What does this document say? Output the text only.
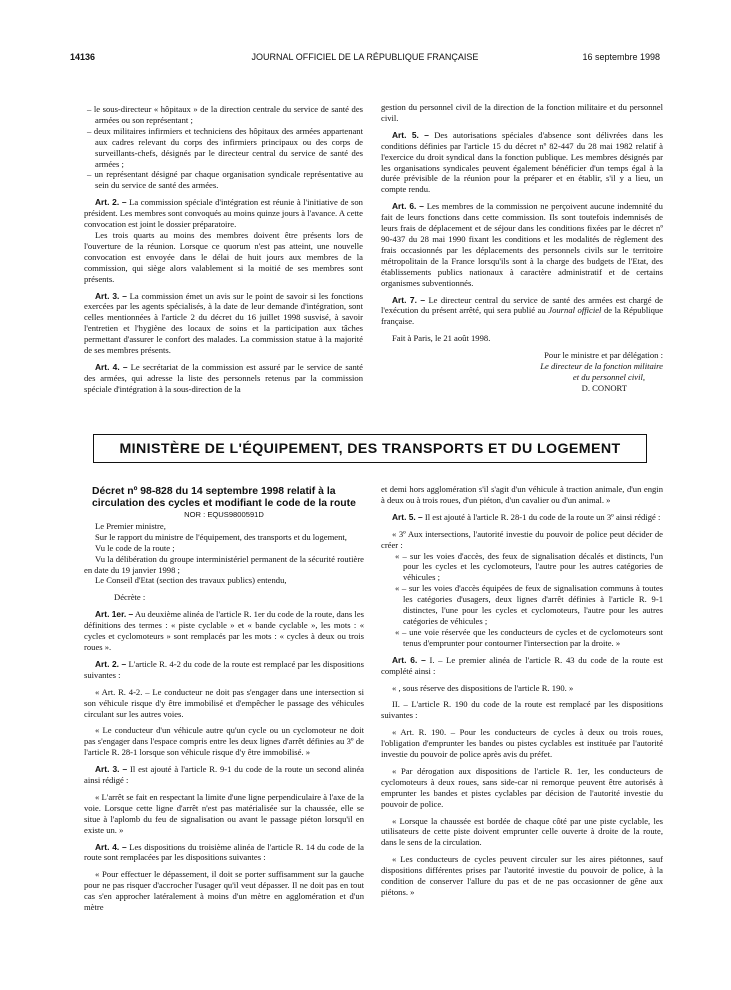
14136	JOURNAL OFFICIEL DE LA RÉPUBLIQUE FRANÇAISE	16 septembre 1998

– le sous-directeur « hôpitaux » de la direction centrale du service de santé des armées ou son représentant ;

– deux militaires infirmiers et techniciens des hôpitaux des armées appartenant aux cadres relevant du corps des infirmiers principaux ou des corps de surveillants-chefs, désignés par le directeur central du service de santé des armées ;

– un représentant désigné par chaque organisation syndicale représentative au sein du service de santé des armées.

Art. 2. – La commission spéciale d'intégration est réunie à l'initiative de son président. Les membres sont convoqués au moins quinze jours à l'avance. A cette convocation est joint le dossier préparatoire.

Les trois quarts au moins des membres doivent être présents lors de l'ouverture de la réunion. Lorsque ce quorum n'est pas atteint, une nouvelle convocation est envoyée dans le délai de huit jours aux membres de la commission, qui siège alors valablement si la moitié de ses membres sont présents.

Art. 3. – La commission émet un avis sur le point de savoir si les fonctions exercées par les agents spécialisés, à la date de leur demande d'intégration, sont celles mentionnées à l'article 2 du décret du 16 juillet 1998 susvisé, à savoir l'entretien et l'hygiène des locaux de soins et la participation aux tâches permettant d'assurer le confort des malades. La commission statue à la majorité de ses membres présents.

Art. 4. – Le secrétariat de la commission est assuré par le service de santé des armées, qui adresse la liste des personnels retenus par la commission spéciale d'intégration à la sous-direction de la

gestion du personnel civil de la direction de la fonction militaire et du personnel civil.

Art. 5. – Des autorisations spéciales d'absence sont délivrées dans les conditions définies par l'article 15 du décret nº 82-447 du 28 mai 1982 relatif à l'exercice du droit syndical dans la fonction publique. Les membres désignés par les organisations syndicales peuvent également bénéficier d'un temps égal à la durée prévisible de la réunion pour la préparer et en établir, s'il y a lieu, un compte rendu.

Art. 6. – Les membres de la commission ne perçoivent aucune indemnité du fait de leurs fonctions dans cette commission. Ils sont toutefois indemnisés de leurs frais de déplacement et de séjour dans les conditions fixées par le décret nº 90-437 du 28 mai 1990 fixant les conditions et les modalités de règlement des frais occasionnés par les déplacements des personnels civils sur le territoire métropolitain de la France lorsqu'ils sont à la charge des budgets de l'Etat, des établissements publics nationaux à caractère administratif et de certains organismes subventionnés.

Art. 7. – Le directeur central du service de santé des armées est chargé de l'exécution du présent arrêté, qui sera publié au Journal officiel de la République française.

Fait à Paris, le 21 août 1998.

Pour le ministre et par délégation :

Le directeur de la fonction militaire

et du personnel civil,

D. CONORT

MINISTÈRE DE L'ÉQUIPEMENT, DES TRANSPORTS ET DU LOGEMENT

Décret nº 98-828 du 14 septembre 1998 relatif à la circulation des cycles et modifiant le code de la route

NOR : EQUS9800591D

Le Premier ministre,

Sur le rapport du ministre de l'équipement, des transports et du logement,

Vu le code de la route ;

Vu la délibération du groupe interministériel permanent de la sécurité routière en date du 19 janvier 1998 ;

Le Conseil d'Etat (section des travaux publics) entendu,

Décrète :

Art. 1er. – Au deuxième alinéa de l'article R. 1er du code de la route, dans les définitions des termes : « piste cyclable » et « bande cyclable », les mots : « cycles et cyclomoteurs » sont remplacés par les mots : « cycles à deux ou trois roues ».

Art. 2. – L'article R. 4-2 du code de la route est remplacé par les dispositions suivantes :

« Art. R. 4-2. – Le conducteur ne doit pas s'engager dans une intersection si son véhicule risque d'y être immobilisé et d'empêcher le passage des véhicules circulant sur les autres voies.

« Le conducteur d'un véhicule autre qu'un cycle ou un cyclomoteur ne doit pas s'engager dans l'espace compris entre les deux lignes d'arrêt définies au 3º de l'article R. 28-1 lorsque son véhicule risque d'y être immobilisé. »

Art. 3. – Il est ajouté à l'article R. 9-1 du code de la route un second alinéa ainsi rédigé :

« L'arrêt se fait en respectant la limite d'une ligne perpendiculaire à l'axe de la voie. Lorsque cette ligne d'arrêt n'est pas matérialisée sur la chaussée, elle se situe à l'aplomb du feu de signalisation ou avant le passage piéton lorsqu'il en existe un. »

Art. 4. – Les dispositions du troisième alinéa de l'article R. 14 du code de la route sont remplacées par les dispositions suivantes :

« Pour effectuer le dépassement, il doit se porter suffisamment sur la gauche pour ne pas risquer d'accrocher l'usager qu'il veut dépasser. Il ne doit pas en tout cas s'en approcher latéralement à moins d'un mètre en agglomération et d'un mètre

et demi hors agglomération s'il s'agit d'un véhicule à traction animale, d'un engin à deux ou à trois roues, d'un piéton, d'un cavalier ou d'un animal. »

Art. 5. – Il est ajouté à l'article R. 28-1 du code de la route un 3º ainsi rédigé :

« 3º Aux intersections, l'autorité investie du pouvoir de police peut décider de créer :

« – sur les voies d'accès, des feux de signalisation décalés et distincts, l'un pour les cycles et les cyclomoteurs, l'autre pour les autres catégories de véhicules ;

« – sur les voies d'accès équipées de feux de signalisation communs à toutes les catégories d'usagers, deux lignes d'arrêt définies à l'article R. 9-1 distinctes, l'une pour les cycles et cyclomoteurs, l'autre pour les autres catégories de véhicules ;

« – une voie réservée que les conducteurs de cycles et de cyclomoteurs sont tenus d'emprunter pour contourner l'intersection par la droite. »

Art. 6. – I. – Le premier alinéa de l'article R. 43 du code de la route est complété ainsi :

« , sous réserve des dispositions de l'article R. 190. »

II. – L'article R. 190 du code de la route est remplacé par les dispositions suivantes :

« Art. R. 190. – Pour les conducteurs de cycles à deux ou trois roues, l'obligation d'emprunter les bandes ou pistes cyclables est instituée par l'autorité investie du pouvoir de police après avis du préfet.

« Par dérogation aux dispositions de l'article R. 1er, les conducteurs de cyclomoteurs à deux roues, sans side-car ni remorque peuvent être autorisés à emprunter les bandes et pistes cyclables par décision de l'autorité investie du pouvoir de police.

« Lorsque la chaussée est bordée de chaque côté par une piste cyclable, les utilisateurs de cette piste doivent emprunter celle ouverte à droite de la route, dans le sens de la circulation.

« Les conducteurs de cycles peuvent circuler sur les aires piétonnes, sauf dispositions différentes prises par l'autorité investie du pouvoir de police, à la condition de conserver l'allure du pas et de ne pas occasionner de gêne aux piétons. »
